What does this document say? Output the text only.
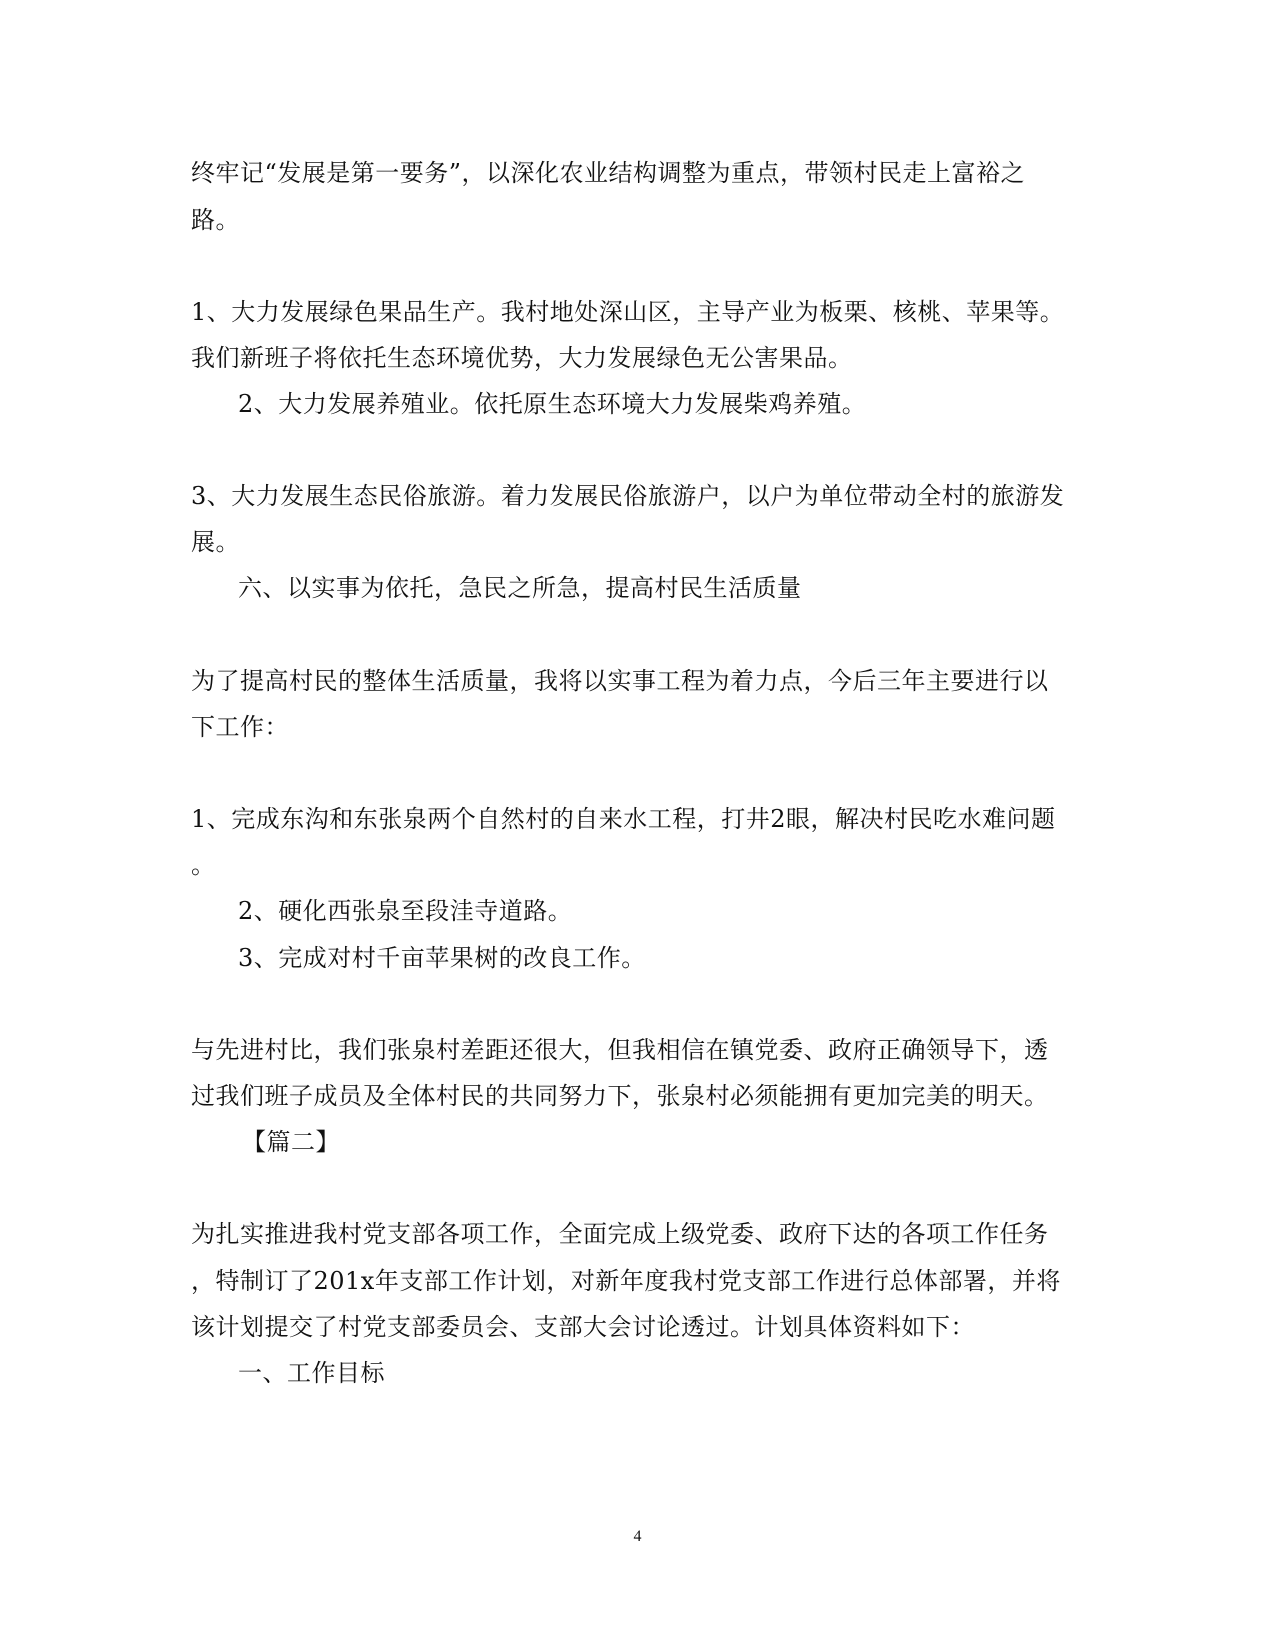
终牢记“发展是第一要务”，以深化农业结构调整为重点，带领村民走上富裕之
路。
1、大力发展绿色果品生产。我村地处深山区，主导产业为板栗、核桃、苹果等。
我们新班子将依托生态环境优势，大力发展绿色无公害果品。
2、大力发展养殖业。依托原生态环境大力发展柴鸡养殖。
3、大力发展生态民俗旅游。着力发展民俗旅游户，以户为单位带动全村的旅游发
展。
六、以实事为依托，急民之所急，提高村民生活质量
为了提高村民的整体生活质量，我将以实事工程为着力点，今后三年主要进行以
下工作：
1、完成东沟和东张泉两个自然村的自来水工程，打井2眼，解决村民吃水难问题
。
2、硬化西张泉至段洼寺道路。
3、完成对村千亩苹果树的改良工作。
与先进村比，我们张泉村差距还很大，但我相信在镇党委、政府正确领导下，透
过我们班子成员及全体村民的共同努力下，张泉村必须能拥有更加完美的明天。
【篇二】
为扎实推进我村党支部各项工作，全面完成上级党委、政府下达的各项工作任务
，特制订了201x年支部工作计划，对新年度我村党支部工作进行总体部署，并将
该计划提交了村党支部委员会、支部大会讨论透过。计划具体资料如下：
一、工作目标
4
